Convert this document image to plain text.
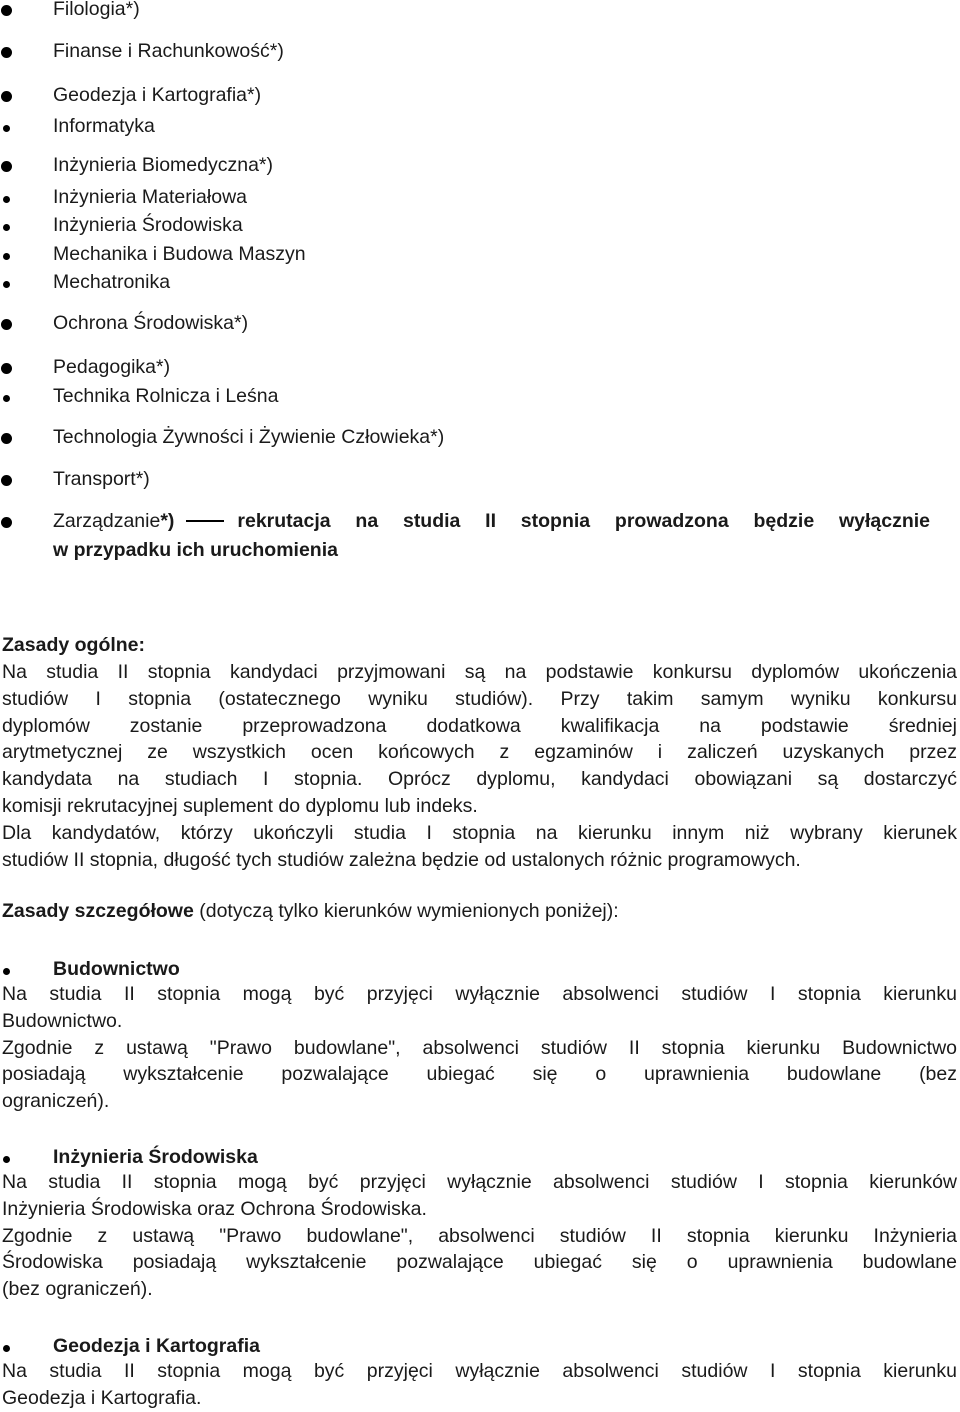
Filologia*)
Finanse i Rachunkowość*)
Geodezja i Kartografia*)
Informatyka
Inżynieria Biomedyczna*)
Inżynieria Materiałowa
Inżynieria Środowiska
Mechanika i Budowa Maszyn
Mechatronika
Ochrona Środowiska*)
Pedagogika*)
Technika Rolnicza i Leśna
Technologia Żywności i Żywienie Człowieka*)
Transport*)
Zarządzanie*)	rekrutacja  na  studia  II  stopnia  prowadzona  będzie  wyłącznie
w przypadku ich uruchomienia
Zasady ogólne:
Na studia II stopnia kandydaci przyjmowani są na podstawie konkursu dyplomów ukończenia
studiów I stopnia (ostatecznego wyniku studiów). Przy takim samym wyniku konkursu
dyplomów zostanie przeprowadzona dodatkowa kwalifikacja na podstawie średniej
arytmetycznej ze wszystkich ocen końcowych z egzaminów i zaliczeń uzyskanych przez
kandydata na studiach I stopnia. Oprócz dyplomu, kandydaci obowiązani są dostarczyć
komisji rekrutacyjnej suplement do dyplomu lub indeks.
Dla kandydatów, którzy ukończyli studia I stopnia na kierunku innym niż wybrany kierunek
studiów II stopnia, długość tych studiów zależna będzie od ustalonych różnic programowych.
Zasady szczegółowe (dotyczą tylko kierunków wymienionych poniżej):
Budownictwo
Na studia II stopnia mogą być przyjęci wyłącznie absolwenci studiów I stopnia kierunku
Budownictwo.
Zgodnie z ustawą "Prawo budowlane", absolwenci studiów II stopnia kierunku Budownictwo
posiadają wykształcenie pozwalające ubiegać się o uprawnienia budowlane (bez
ograniczeń).
Inżynieria Środowiska
Na studia II stopnia mogą być przyjęci wyłącznie absolwenci studiów I stopnia kierunków
Inżynieria Środowiska oraz Ochrona Środowiska.
Zgodnie z ustawą "Prawo budowlane", absolwenci studiów II stopnia kierunku Inżynieria
Środowiska posiadają wykształcenie pozwalające ubiegać się o uprawnienia budowlane
(bez ograniczeń).
Geodezja i Kartografia
Na studia II stopnia mogą być przyjęci wyłącznie absolwenci studiów I stopnia kierunku
Geodezja i Kartografia.
